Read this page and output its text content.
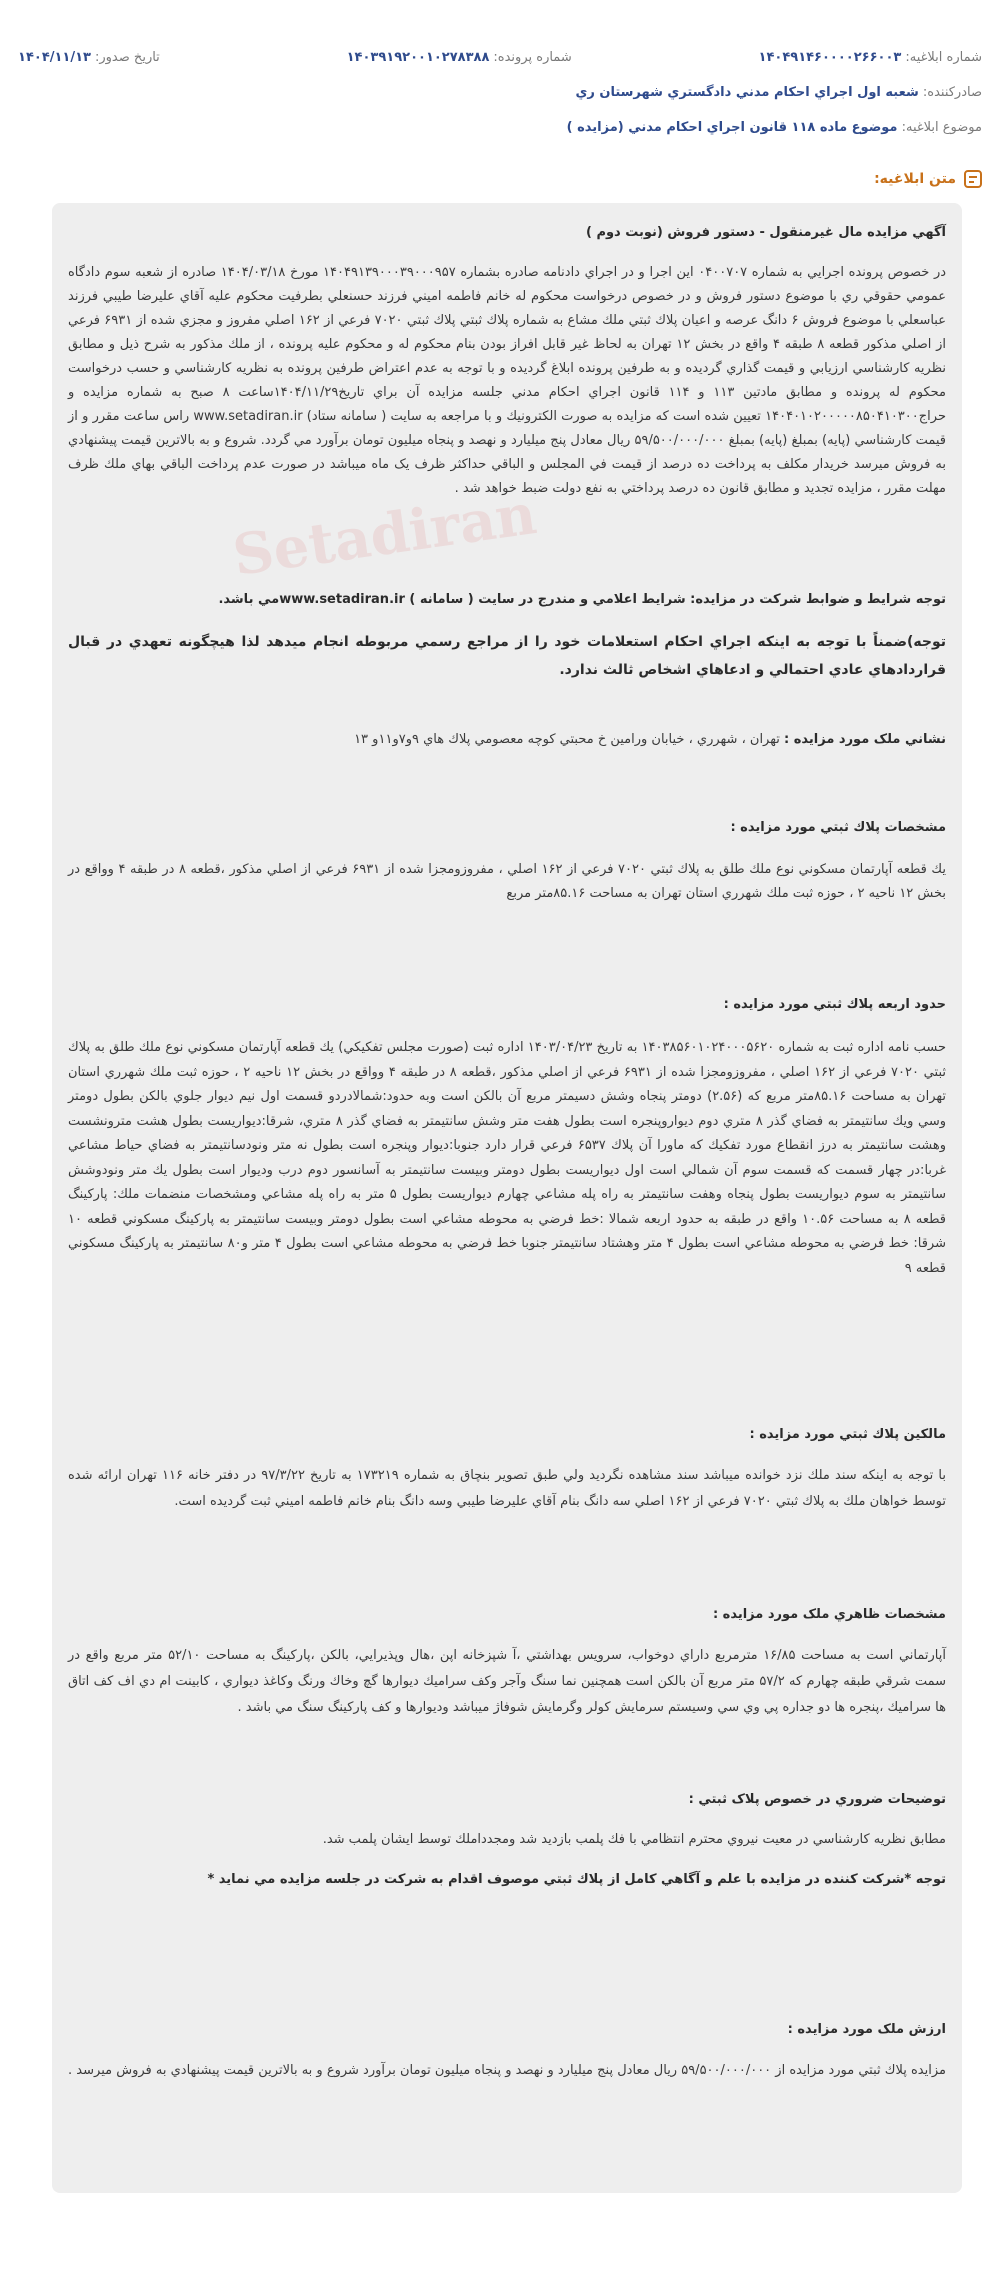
شماره ابلاغیه:
۱۴۰۴۹۱۴۶۰۰۰۰۲۶۶۰۰۳
شماره پرونده:
۱۴۰۳۹۱۹۲۰۰۱۰۲۷۸۳۸۸
تاریخ صدور:
۱۴۰۴/۱۱/۱۳
صادرکننده: شعبه اول اجراي احكام مدني دادگستري شهرستان ري
موضوع ابلاغیه: موضوع ماده ۱۱۸ قانون اجراي احكام مدني (مزايده )
متن ابلاغیه:
Setadiran
آگهي مزايده مال غيرمنقول - دستور فروش (نوبت دوم )
در خصوص پرونده اجرايي به شماره ۰۴۰۰۷۰۷ اين اجرا و در اجراي دادنامه صادره بشماره ۱۴۰۴۹۱۳۹۰۰۰۳۹۰۰۰۹۵۷ مورخ ۱۴۰۴/۰۳/۱۸ صادره از شعبه سوم دادگاه عمومي حقوقي ري با موضوع دستور فروش و در خصوص درخواست محكوم له خانم فاطمه اميني فرزند حسنعلي بطرفيت محكوم عليه آقاي عليرضا طيبي فرزند عباسعلي با موضوع فروش ۶ دانگ عرصه و اعيان پلاك ثبتي ملك مشاع به شماره پلاك ثبتي پلاك ثبتي ۷۰۲۰ فرعي از ۱۶۲ اصلي مفروز و مجزي شده از ۶۹۳۱ فرعي از اصلي مذكور قطعه ۸ طبقه ۴ واقع در بخش ۱۲ تهران به لحاظ غير قابل افراز بودن بنام محكوم له و محكوم عليه پرونده ، از ملك مذكور به شرح ذيل و مطابق نظريه كارشناسي ارزيابي و قيمت گذاري گرديده و به طرفين پرونده ابلاغ گرديده و با توجه به عدم اعتراض طرفين پرونده به نظريه كارشناسي و حسب درخواست محكوم له پرونده و مطابق مادتين ۱۱۳ و ۱۱۴ قانون اجراي احكام مدني جلسه مزايده آن براي تاريخ۱۴۰۴/۱۱/۲۹ساعت ۸ صبح به شماره مزايده و حراج۱۴۰۴۰۱۰۲۰۰۰۰۰۸۵۰۴۱۰۳۰۰ تعيين شده است كه مزايده به صورت الكترونيك و با مراجعه به سايت ( سامانه ستاد) www.setadiran.ir راس ساعت مقرر و از قيمت كارشناسي (پايه) بمبلغ (پايه) بمبلغ ۵۹/۵۰۰/۰۰۰/۰۰۰ ريال معادل پنج ميليارد و نهصد و پنجاه ميليون تومان برآورد مي گردد. شروع و به بالاترين قيمت پيشنهادي به فروش ميرسد خريدار مكلف به پرداخت ده درصد از قيمت في المجلس و الباقي حداكثر ظرف يک ماه ميباشد در صورت عدم پرداخت الباقي بهاي ملك ظرف مهلت مقرر ، مزايده تجديد و مطابق قانون ده درصد پرداختي به نفع دولت ضبط خواهد شد .
توجه شرايط و ضوابط شركت در مزايده: شرايط اعلامي و مندرج در سايت ( سامانه ) www.setadiran.irمي باشد.
توجه)ضمناً با توجه به اينكه اجراي احكام استعلامات خود را از مراجع رسمي مربوطه انجام ميدهد لذا هيچگونه تعهدي در قبال قراردادهاي عادي احتمالي و ادعاهاي اشخاص ثالث ندارد.
نشاني ملک مورد مزايده : تهران ، شهرري ، خيابان ورامين خ محبتي كوچه معصومي پلاك هاي ۹و۷و۱۱و ۱۳
مشخصات پلاك ثبتي مورد مزايده :
يك قطعه آپارتمان مسكوني نوع ملك طلق به پلاك ثبتي ۷۰۲۰ فرعي از ۱۶۲ اصلي ، مفروزومجزا شده از ۶۹۳۱ فرعي از اصلي مذكور ،قطعه ۸ در طبقه ۴ وواقع در بخش ۱۲ ناحيه ۲ ، حوزه ثبت ملك شهرري استان تهران به مساحت ۸۵.۱۶متر مربع
حدود اربعه پلاك ثبتي مورد مزايده :
حسب نامه اداره ثبت به شماره ۱۴۰۳۸۵۶۰۱۰۲۴۰۰۰۵۶۲۰ به تاريخ ۱۴۰۳/۰۴/۲۳ اداره ثبت (صورت مجلس تفكيكي) يك قطعه آپارتمان مسكوني نوع ملك طلق به پلاك ثبتي ۷۰۲۰ فرعي از ۱۶۲ اصلي ، مفروزومجزا شده از ۶۹۳۱ فرعي از اصلي مذكور ،قطعه ۸ در طبقه ۴ وواقع در بخش ۱۲ ناحيه ۲ ، حوزه ثبت ملك شهرري استان تهران به مساحت ۸۵.۱۶متر مربع كه (۲.۵۶) دومتر پنجاه وشش دسيمتر مربع آن بالكن است وبه حدود:شمالادردو قسمت اول نيم ديوار جلوي بالكن بطول دومتر وسي ويك سانتيمتر به فضاي گذر ۸ متري دوم ديواروپنجره است بطول هفت متر وشش سانتيمتر به فضاي گذر ۸ متري، شرقا:ديواريست بطول هشت مترونشست وهشت سانتيمتر به درز انقطاع مورد تفكيك كه ماورا آن پلاك ۶۵۳۷ فرعي قرار دارد جنوبا:ديوار وپنجره است بطول نه متر ونودسانتيمتر به فضاي حياط مشاعي غربا:در چهار قسمت كه قسمت سوم آن شمالي است اول ديواريست بطول دومتر وبيست سانتيمتر به آسانسور دوم درب وديوار است بطول يك متر ونودوشش سانتيمتر به سوم ديواريست بطول پنجاه وهفت سانتيمتر به راه پله مشاعي چهارم ديواريست بطول ۵ متر به راه پله مشاعي ومشخصات منضمات ملك: پاركينگ قطعه ۸ به مساحت ۱۰.۵۶ واقع در طبقه به حدود اربعه شمالا :خط فرضي به محوطه مشاعي است بطول دومتر وبيست سانتيمتر به پاركينگ مسكوني قطعه ۱۰ شرقا: خط فرضي به محوطه مشاعي است بطول ۴ متر وهشتاد سانتيمتر جنوبا خط فرضي به محوطه مشاعي است بطول ۴ متر و۸۰ سانتيمتر به پاركينگ مسكوني قطعه ۹
مالكين پلاك ثبتي مورد مزايده :
با توجه به اينكه سند ملك نزد خوانده ميباشد سند مشاهده نگرديد ولي طبق تصوير بنچاق به شماره ۱۷۳۲۱۹ به تاريخ ۹۷/۳/۲۲ در دفتر خانه ۱۱۶ تهران ارائه شده توسط خواهان ملك به پلاك ثبتي ۷۰۲۰ فرعي از ۱۶۲ اصلي سه دانگ بنام آقاي عليرضا طيبي وسه دانگ بنام خانم فاطمه اميني ثبت گرديده است.
مشخصات ظاهري ملک مورد مزايده :
آپارتماني است به مساحت ۱۶/۸۵ مترمربع داراي دوخواب، سرويس بهداشتي ،آ شپزخانه اپن ،هال وپذيرايي، بالكن ،پاركينگ به مساحت ۵۲/۱۰ متر مربع واقع در سمت شرقي طبقه چهارم كه ۵۷/۲ متر مربع آن بالكن است همچنين نما سنگ وآجر وكف سراميك ديوارها گچ وخاك ورنگ وكاغذ ديواري ، كابينت ام دي اف كف اتاق ها سراميك ،پنجره ها دو جداره پي وي سي وسيستم سرمايش كولر وگرمايش شوفاژ ميباشد وديوارها و كف پاركينگ سنگ مي باشد .
توضيحات ضروري در خصوص پلاک ثبتي :
مطابق نظريه كارشناسي در معيت نيروي محترم انتظامي با فك پلمب بازديد شد ومجدداملك توسط ايشان پلمب شد.
توجه *شركت كننده در مزايده با علم و آگاهي كامل از پلاك ثبتي موصوف اقدام به شركت در جلسه مزايده مي نمايد *
ارزش ملک مورد مزايده :
مزايده پلاك ثبتي مورد مزايده از ۵۹/۵۰۰/۰۰۰/۰۰۰ ريال معادل پنج ميليارد و نهصد و پنجاه ميليون تومان برآورد شروع و به بالاترين قيمت پيشنهادي به فروش ميرسد .
